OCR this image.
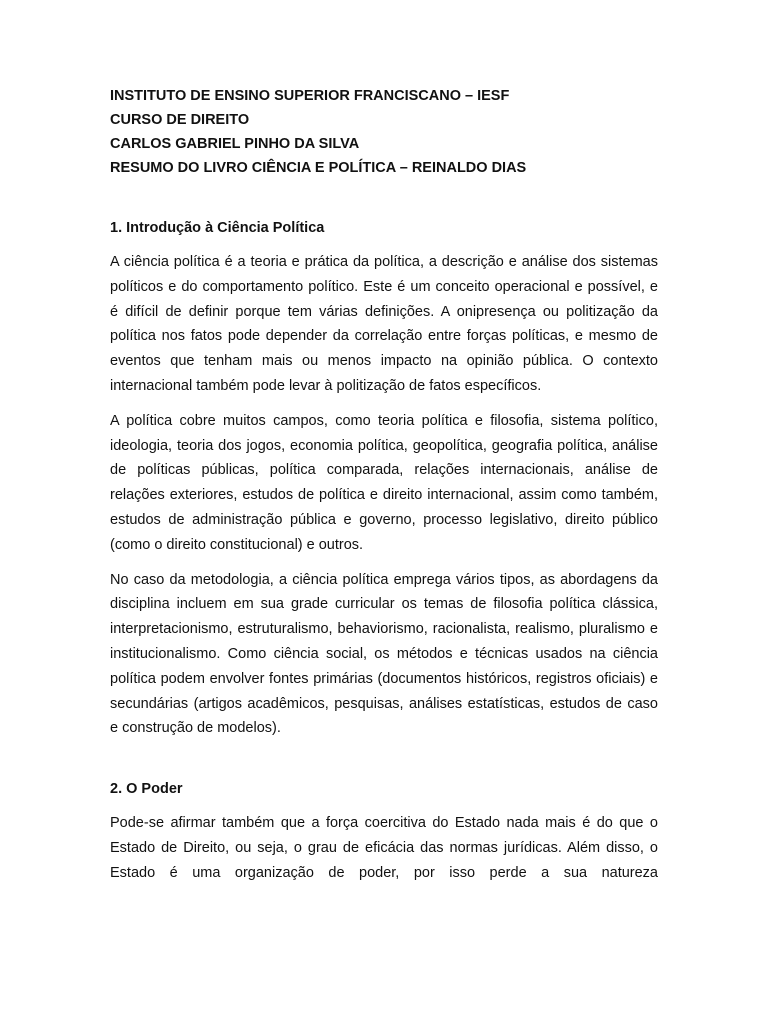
INSTITUTO DE ENSINO SUPERIOR FRANCISCANO – IESF

CURSO DE DIREITO

CARLOS GABRIEL PINHO DA SILVA

RESUMO DO LIVRO CIÊNCIA E POLÍTICA – REINALDO DIAS

1. Introdução à Ciência Política

A ciência política é a teoria e prática da política, a descrição e análise dos sistemas políticos e do comportamento político. Este é um conceito operacional e possível, e é difícil de definir porque tem várias definições. A onipresença ou politização da política nos fatos pode depender da correlação entre forças políticas, e mesmo de eventos que tenham mais ou menos impacto na opinião pública. O contexto internacional também pode levar à politização de fatos específicos.

A política cobre muitos campos, como teoria política e filosofia, sistema político, ideologia, teoria dos jogos, economia política, geopolítica, geografia política, análise de políticas públicas, política comparada, relações internacionais, análise de relações exteriores, estudos de política e direito internacional, assim como também, estudos de administração pública e governo, processo legislativo, direito público (como o direito constitucional) e outros.

No caso da metodologia, a ciência política emprega vários tipos, as abordagens da disciplina incluem em sua grade curricular os temas de filosofia política clássica, interpretacionismo, estruturalismo, behaviorismo, racionalista, realismo, pluralismo e institucionalismo. Como ciência social, os métodos e técnicas usados na ciência política podem envolver fontes primárias (documentos históricos, registros oficiais) e secundárias (artigos acadêmicos, pesquisas, análises estatísticas, estudos de caso e construção de modelos).

2. O Poder

Pode-se afirmar também que a força coercitiva do Estado nada mais é do que o Estado de Direito, ou seja, o grau de eficácia das normas jurídicas. Além disso, o Estado é uma organização de poder, por isso perde a sua natureza
